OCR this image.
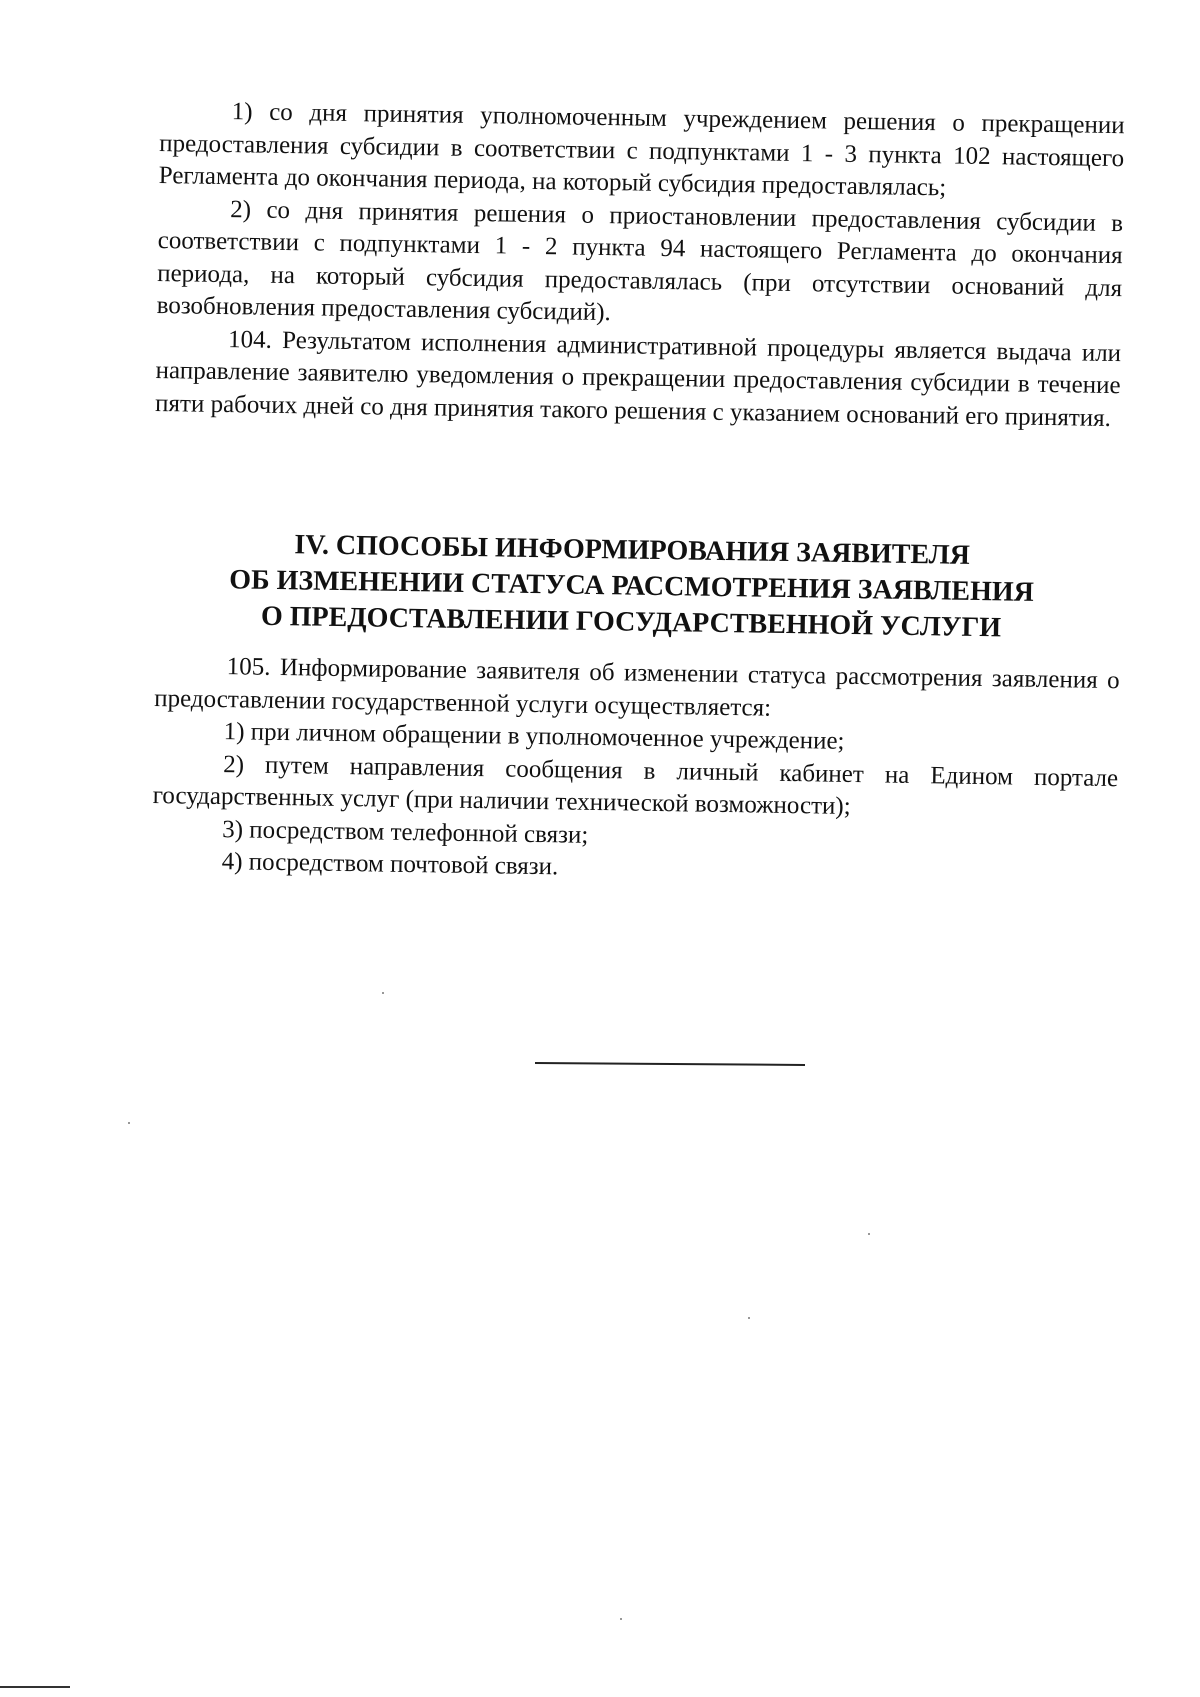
1) со дня принятия уполномоченным учреждением решения о прекращении предоставления субсидии в соответствии с подпунктами 1 - 3 пункта 102 настоящего Регламента до окончания периода, на который субсидия предоставлялась;

2) со дня принятия решения о приостановлении предоставления субсидии в соответствии с подпунктами 1 - 2 пункта 94 настоящего Регламента до окончания периода, на который субсидия предоставлялась (при отсутствии оснований для возобновления предоставления субсидий).

104. Результатом исполнения административной процедуры является выдача или направление заявителю уведомления о прекращении предоставления субсидии в течение пяти рабочих дней со дня принятия такого решения с указанием оснований его принятия.

IV. СПОСОБЫ ИНФОРМИРОВАНИЯ ЗАЯВИТЕЛЯ
ОБ ИЗМЕНЕНИИ СТАТУСА РАССМОТРЕНИЯ ЗАЯВЛЕНИЯ
О ПРЕДОСТАВЛЕНИИ ГОСУДАРСТВЕННОЙ УСЛУГИ

105. Информирование заявителя об изменении статуса рассмотрения заявления о предоставлении государственной услуги осуществляется:

1) при личном обращении в уполномоченное учреждение;

2) путем направления сообщения в личный кабинет на Едином портале государственных услуг (при наличии технической возможности);

3) посредством телефонной связи;

4) посредством почтовой связи.
